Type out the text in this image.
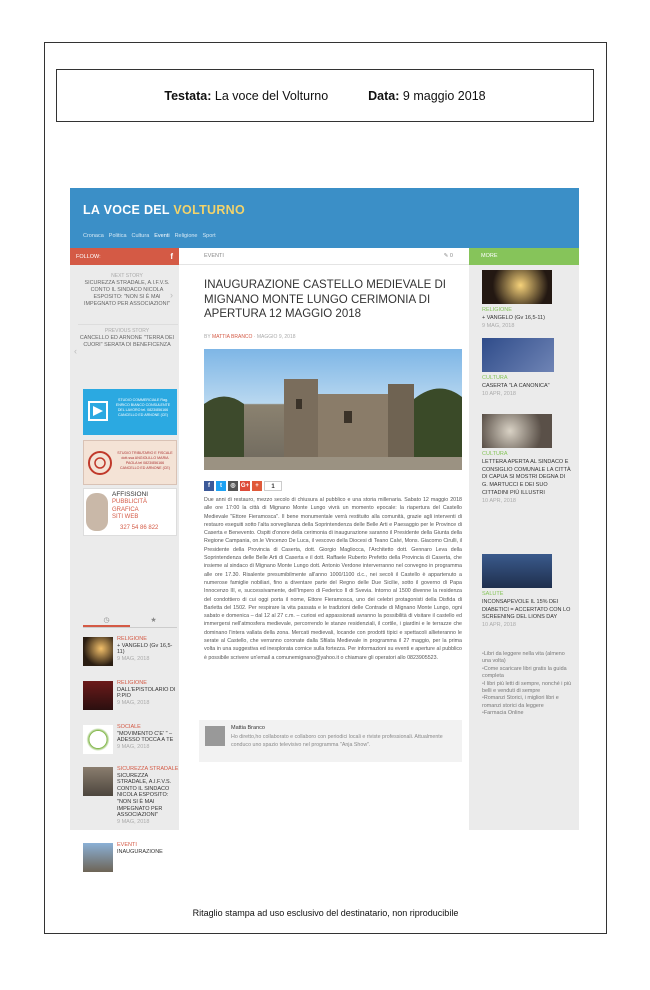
Testata:
La voce del Volturno	Data:
9 maggio 2018
LA VOCE DEL VOLTURNO
Cronaca Politica Cultura Eventi Religione Sport
FOLLOW:	f
NEXT STORY
SICUREZZA STRADALE, A.I.F.V.S. CONTO IL SINDACO NICOLA ESPOSITO: "NON SI È MAI IMPEGNATO PER ASSOCIAZIONI"
›
PREVIOUS STORY
CANCELLO ED ARNONE "TERRA DEI CUORI" SERATA DI BENEFICENZA
‹
STUDIO COMMERCIALE Rag. ENRICO BIANCO CONSULENTE DEL LAVORO tel. 0823/856166 CANCELLO ED ARNONE (CE)
STUDIO TRIBUTARIO E FISCALE dott.ssa ANGIOLILLO MARIA PAOLA tel 0823/856166 CANCELLO ED ARNONE (CE)
AFFISSIONI
PUBBLICITÀ
GRAFICA
SITI WEB
327 54 86 822
◷	★
RELIGIONE
+ VANGELO (Gv 16,5-11)
9 MAG, 2018
RELIGIONE
DALL'EPISTOLARIO DI P.PIO
9 MAG, 2018
SOCIALE
"MOVIMENTO C'E' " – ADESSO TOCCA A TE
9 MAG, 2018
SICUREZZA STRADALE
SICUREZZA STRADALE, A.I.F.V.S. CONTO IL SINDACO NICOLA ESPOSITO: "NON SI È MAI IMPEGNATO PER ASSOCIAZIONI"
9 MAG, 2018
EVENTI
INAUGURAZIONE
EVENTI	✎ 0
INAUGURAZIONE CASTELLO MEDIEVALE DI MIGNANO MONTE LUNGO CERIMONIA DI APERTURA 12 MAGGIO 2018
BY MATTIA BRANCO · MAGGIO 9, 2018
f	t	◎ G+	+	1
Due anni di restauro, mezzo secolo di chiusura al pubblico e una storia millenaria. Sabato 12 maggio 2018 alle ore 17:00 la città di Mignano Monte Lungo vivrà un momento epocale: la riapertura del Castello Medievale "Ettore Fieramosca". Il bene monumentale verrà restituito alla comunità, grazie agli interventi di restauro eseguiti sotto l'alta sorveglianza della Soprintendenza delle Belle Arti e Paesaggio per le Province di Caserta e Benevento. Ospiti d'onore della cerimonia di inaugurazione saranno il Presidente della Giunta della Regione Campania, on.le Vincenzo De Luca, il vescovo della Diocesi di Teano Calvi, Mons. Giacomo Cirulli, il Presidente della Provincia di Caserta, dott. Giorgio Magliocca, l'Architetto dott. Gennaro Leva della Soprintendenza delle Belle Arti di Caserta e il dott. Raffaele Ruberto Prefetto della Provincia di Caserta, che insieme al sindaco di Mignano Monte Lungo dott. Antonio Verdone interverranno nel convegno in programma alle ore 17.30. Risalente presumibilmente all'anno 1000/1100 d.c., nei secoli il Castello è appartenuto a numerose famiglie nobiliari, fino a diventare parte del Regno delle Due Sicilie, sotto il governo di Papa Innocenzo III, e, successivamente, dell'Impero di Federico II di Svevia. Intorno al 1500 divenne la residenza del condottiero di cui oggi porta il nome, Ettore Fieramosca, uno dei celebri protagonisti della Disfida di Barletta del 1502. Per respirare la vita passata e le tradizioni delle Contrade di Mignano Monte Lungo, ogni sabato e domenica – dal 12 al 27 c.m. – curiosi ed appassionati avranno la possibilità di visitare il castello ed immergersi nell'atmosfera medievale, percorrendo le stanze residenziali, il cortile, i giardini e le terrazze che dominano l'intera vallata della zona. Mercati medievali, locande con prodotti tipici e spettacoli allieteranno le serate al Castello, che verranno coronate dalla Sfilata Medievale in programma il 27 maggio, per la prima volta in una suggestiva ed inesplorata cornice sulla fortezza. Per informazioni su eventi e aperture al pubblico è possibile scrivere un'email a comunemignano@yahoo.it o chiamare gli operatori allo 0823905523.
Mattia Branco
Ho diretto,ho collaborato e collaboro con periodici locali e riviste professionali. Attualmente conduco uno spazio televisivo nel programma "Anja Show".
MORE
RELIGIONE
+ VANGELO (Gv 16,5-11)
9 MAG, 2018
CULTURA
CASERTA "LA CANONICA"
10 APR, 2018
CULTURA
LETTERA APERTA AL SINDACO E CONSIGLIO COMUNALE LA CITTÀ DI CAPUA SI MOSTRI DEGNA DI G. MARTUCCI E DEI SUO CITTADINI PIÙ ILLUSTRI
10 APR, 2018
SALUTE
INCONSAPEVOLE IL 15% DEI DIABETICI = ACCERTATO CON LO SCREENING DEL LIONS DAY
10 APR, 2018
• Libri da leggere nella vita (almeno una volta)
• Come scaricare libri gratis la guida completa
• I libri più letti di sempre, nonché i più belli e venduti di sempre
• Romanzi Storici, i migliori libri e romanzi storici da leggere
• Farmacia Online
Ritaglio stampa ad uso esclusivo del destinatario, non riproducibile
